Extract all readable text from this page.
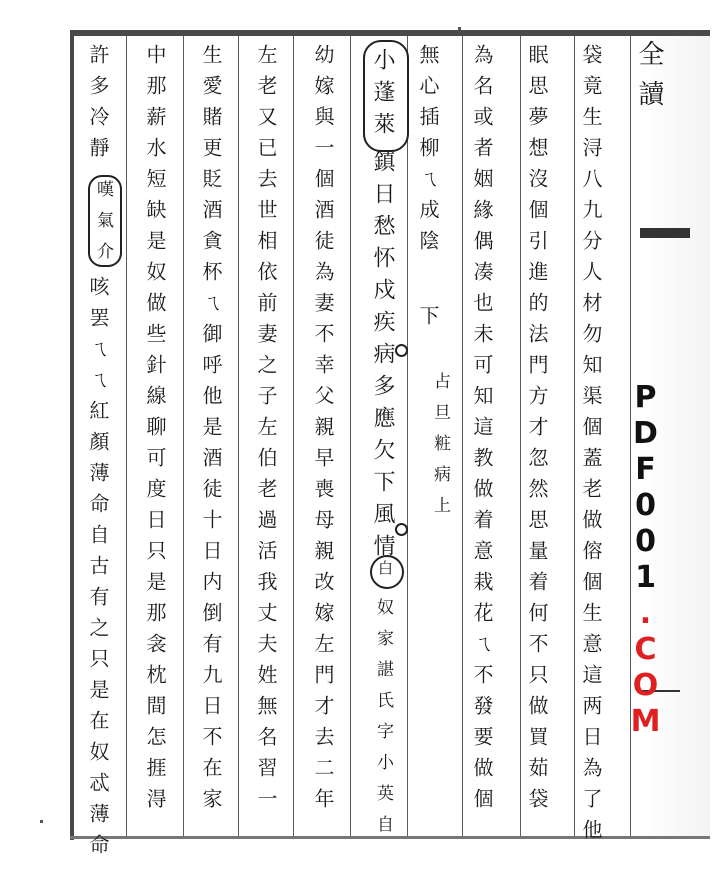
全讀
袋竟生浔八九分人材勿知渠個蓋老做傛個生意這两日為了他
眠思夢想沒個引進的法門方才忽然思量着何不只做買茹袋
為名或者姻緣偶凑也未可知這教做着意栽花ㄟ不發要做個
無心插柳ㄟ成陰
下
占旦粧病上
小蓬萊
鎮日愁怀戍疾病多應欠下風情
白
奴家諶氏字小英自
幼嫁與一個酒徒為妻不幸父親早喪母親改嫁左門才去二年
左老又已去世相依前妻之子左伯老過活我丈夫姓無名習一
生愛賭更貶酒貪杯ㄟ御呼他是酒徒十日内倒有九日不在家
中那薪水短缺是奴做些針線聊可度日只是那衾枕間怎捱淂
許多冷靜
嘆氣介
咳罢ㄟㄟ紅顏薄命自古有之只是在奴忒薄命	PDF001.COM
